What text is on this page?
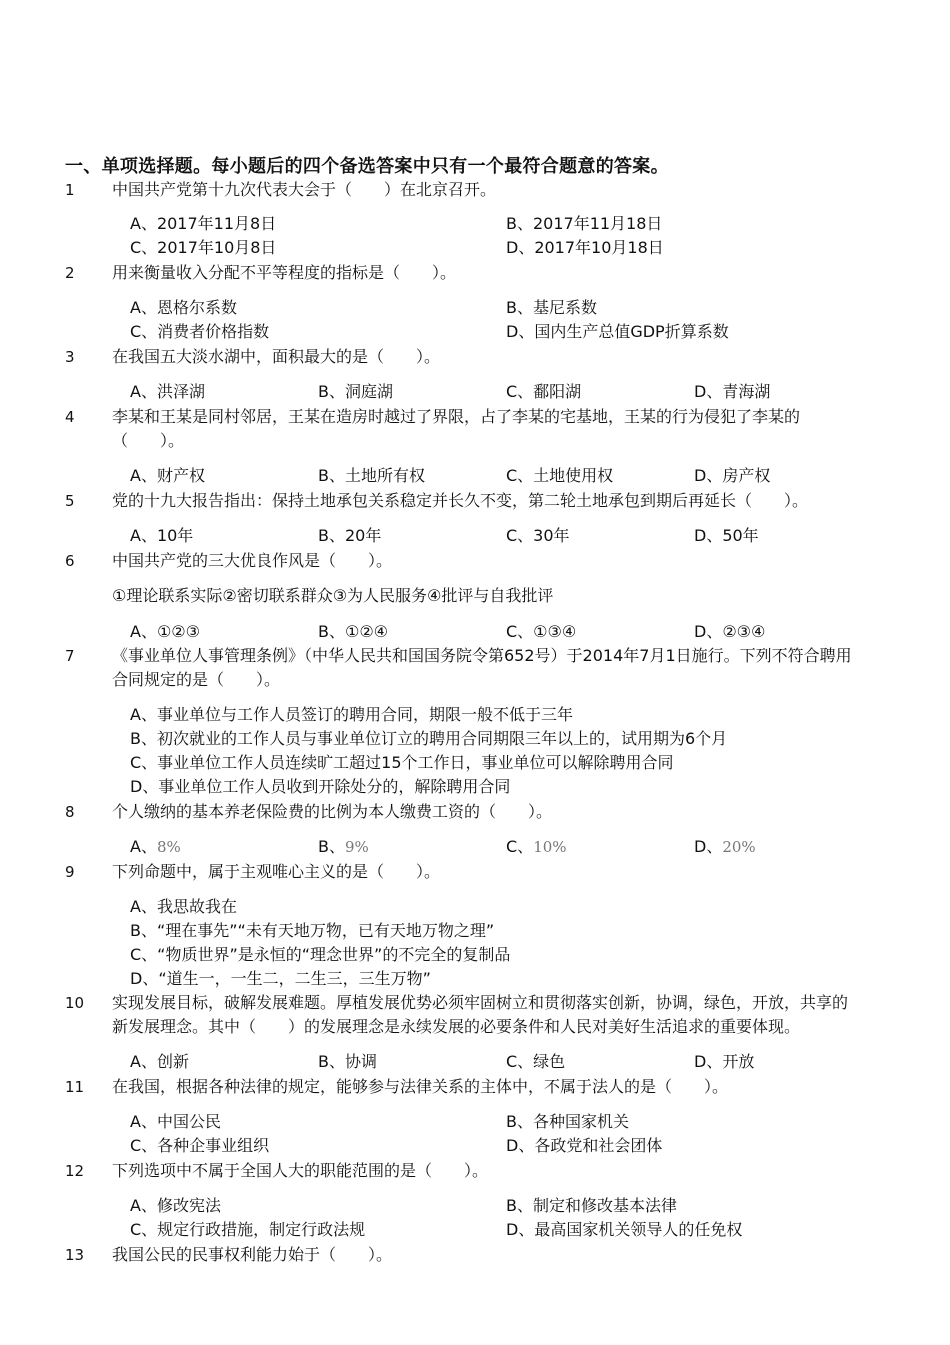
一、单项选择题。每小题后的四个备选答案中只有一个最符合题意的答案。
1 中国共产党第十九次代表大会于（　　）在北京召开。
A、2017年11月8日	B、2017年11月18日
C、2017年10月8日	D、2017年10月18日
2 用来衡量收入分配不平等程度的指标是（　　）。
A、恩格尔系数	B、基尼系数
C、消费者价格指数	D、国内生产总值GDP折算系数
3 在我国五大淡水湖中，面积最大的是（　　）。
A、洪泽湖	B、洞庭湖	C、鄱阳湖	D、青海湖
4 李某和王某是同村邻居，王某在造房时越过了界限，占了李某的宅基地，王某的行为侵犯了李某的（　　）。
A、财产权	B、土地所有权	C、土地使用权	D、房产权
5 党的十九大报告指出：保持土地承包关系稳定并长久不变，第二轮土地承包到期后再延长（　　）。
A、10年	B、20年	C、30年	D、50年
6 中国共产党的三大优良作风是（　　）。
①理论联系实际②密切联系群众③为人民服务④批评与自我批评
A、①②③	B、①②④	C、①③④	D、②③④
7 《事业单位人事管理条例》（中华人民共和国国务院令第652号）于2014年7月1日施行。下列不符合聘用合同规定的是（　　）。
A、事业单位与工作人员签订的聘用合同，期限一般不低于三年
B、初次就业的工作人员与事业单位订立的聘用合同期限三年以上的，试用期为6个月
C、事业单位工作人员连续旷工超过15个工作日，事业单位可以解除聘用合同
D、事业单位工作人员收到开除处分的，解除聘用合同
8 个人缴纳的基本养老保险费的比例为本人缴费工资的（　　）。
A、8%	B、9%	C、10%	D、20%
9 下列命题中，属于主观唯心主义的是（　　）。
A、我思故我在
B、“理在事先”“未有天地万物，已有天地万物之理”
C、“物质世界”是永恒的“理念世界”的不完全的复制品
D、“道生一，一生二，二生三，三生万物”
10 实现发展目标，破解发展难题。厚植发展优势必须牢固树立和贯彻落实创新，协调，绿色，开放，共享的新发展理念。其中（　　）的发展理念是永续发展的必要条件和人民对美好生活追求的重要体现。
A、创新	B、协调	C、绿色	D、开放
11 在我国，根据各种法律的规定，能够参与法律关系的主体中，不属于法人的是（　　）。
A、中国公民	B、各种国家机关
C、各种企事业组织	D、各政党和社会团体
12 下列选项中不属于全国人大的职能范围的是（　　）。
A、修改宪法	B、制定和修改基本法律
C、规定行政措施，制定行政法规	D、最高国家机关领导人的任免权
13 我国公民的民事权利能力始于（　　）。
